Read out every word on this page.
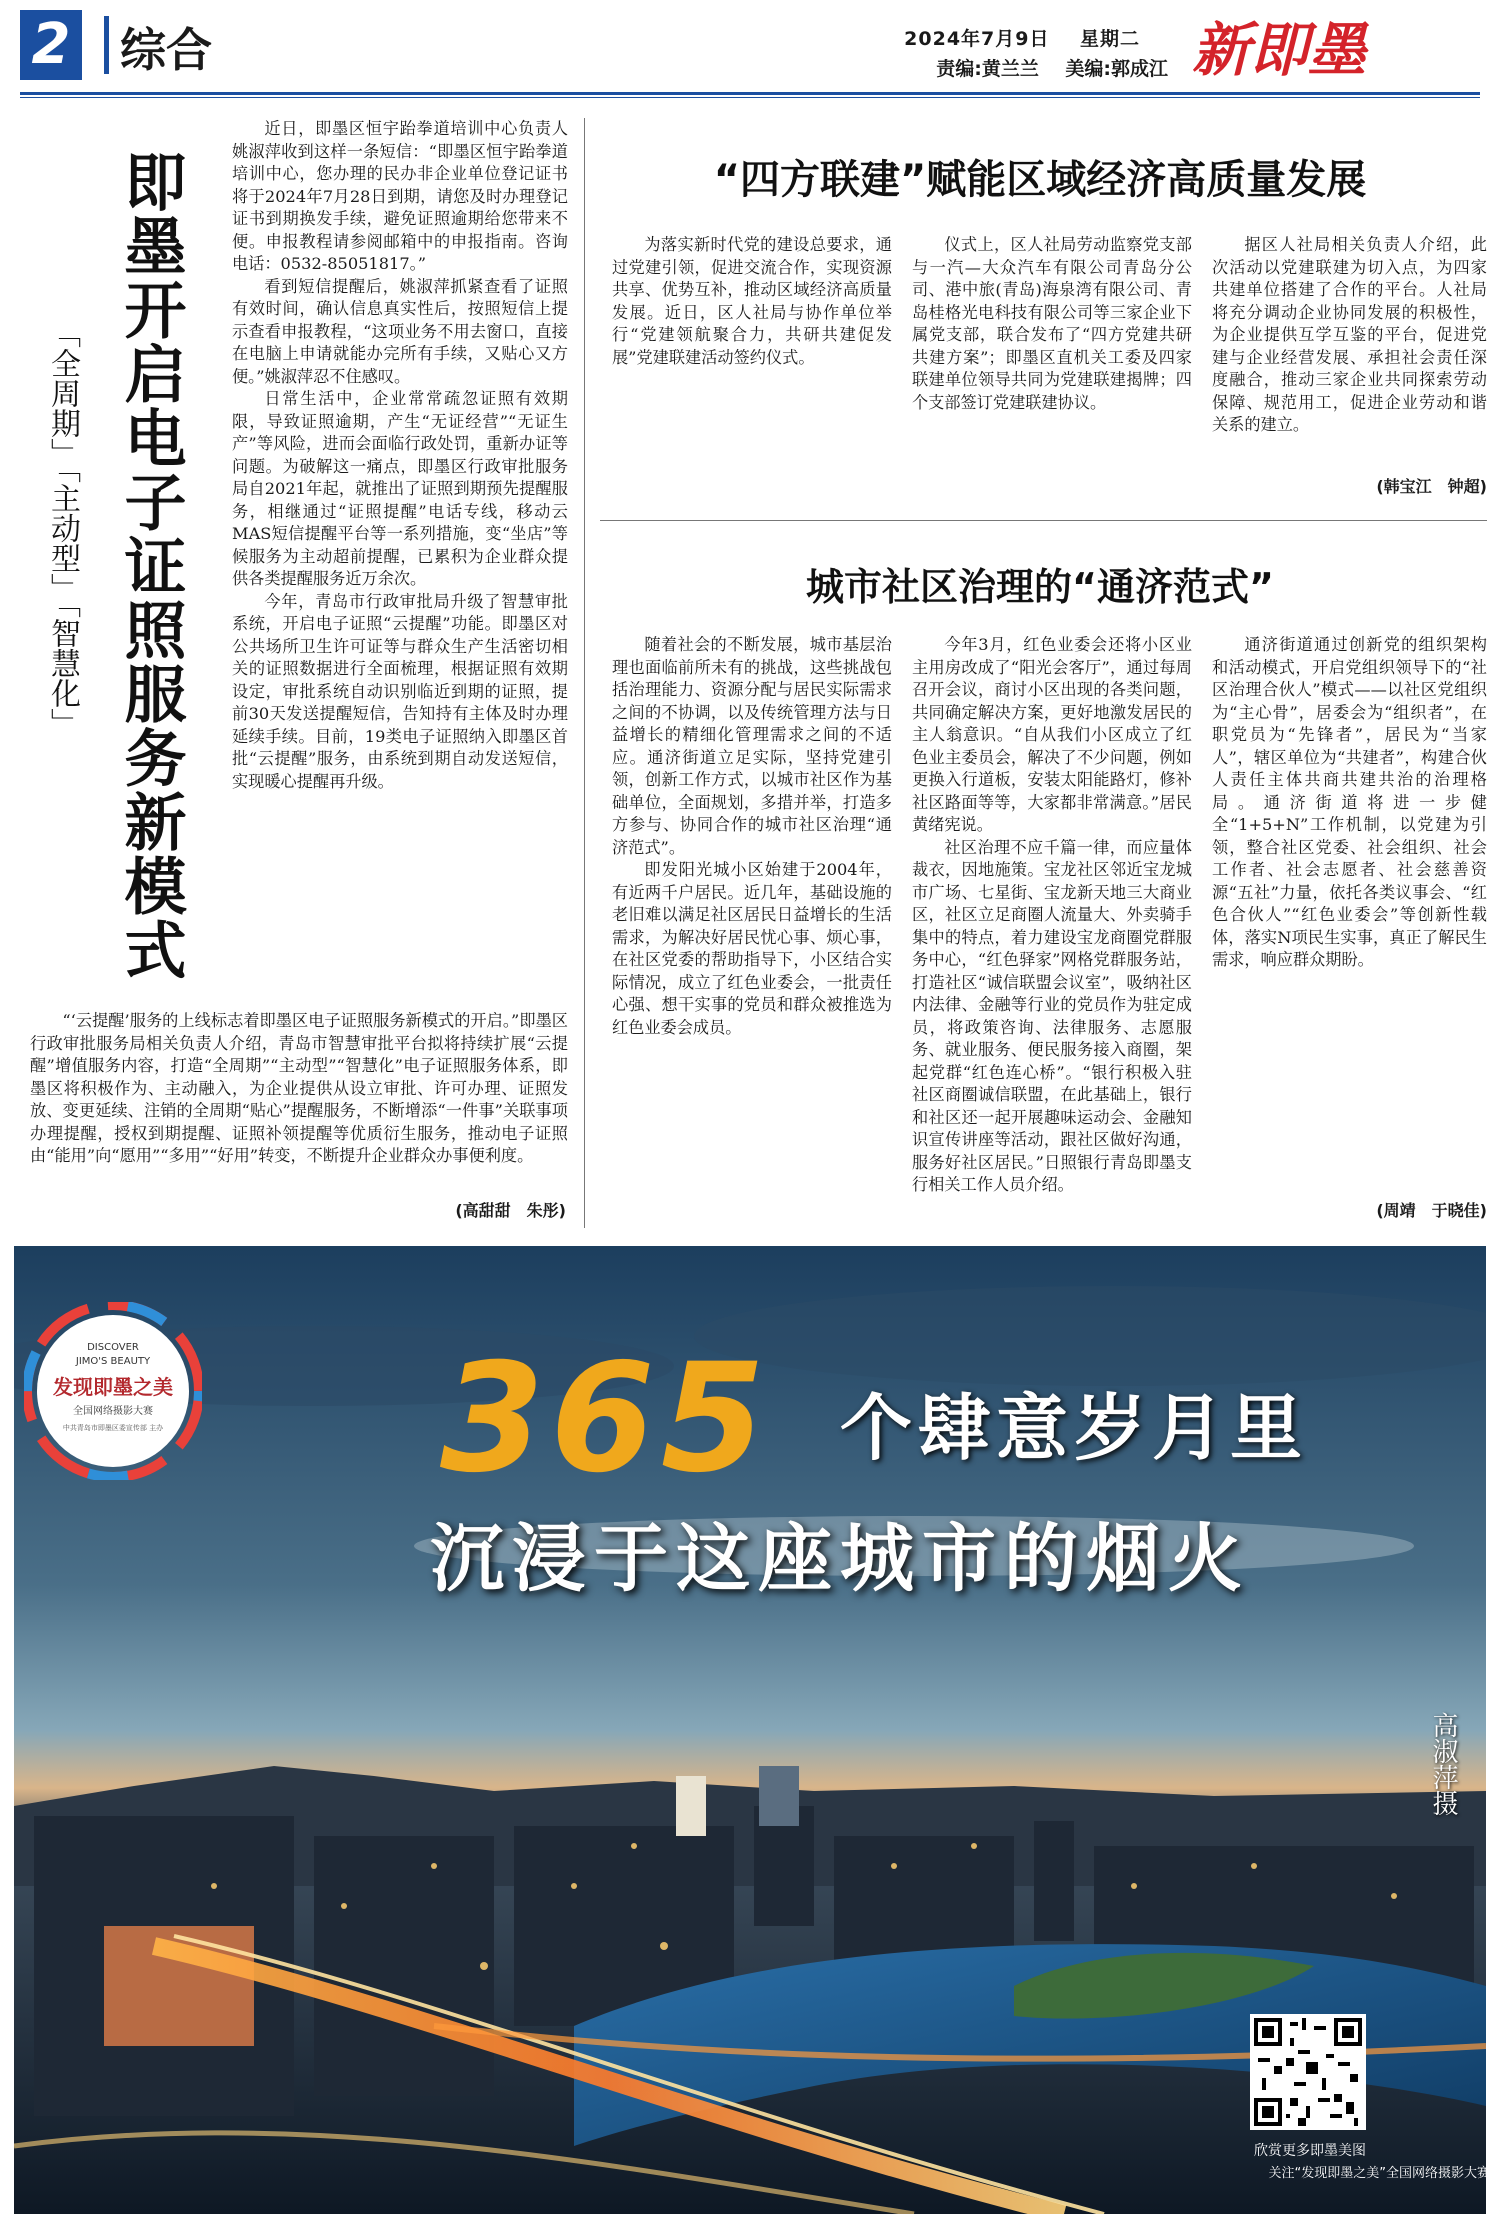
2 综合	2024年7月9日 星期二
责编:黄兰兰 美编:郭成江 新即墨
即墨开启电子证照服务新模式
「全周期」「主动型」「智慧化」

近日，即墨区恒宇跆拳道培训中心负责人姚淑萍收到这样一条短信：“即墨区恒宇跆拳道培训中心，您办理的民办非企业单位登记证书将于2024年7月28日到期，请您及时办理登记证书到期换发手续，避免证照逾期给您带来不便。申报教程请参阅邮箱中的申报指南。咨询电话：0532-85051817。”

看到短信提醒后，姚淑萍抓紧查看了证照有效时间，确认信息真实性后，按照短信上提示查看申报教程，“这项业务不用去窗口，直接在电脑上申请就能办完所有手续，又贴心又方便。”姚淑萍忍不住感叹。

日常生活中，企业常常疏忽证照有效期限，导致证照逾期，产生“无证经营”“无证生产”等风险，进而会面临行政处罚，重新办证等问题。为破解这一痛点，即墨区行政审批服务局自2021年起，就推出了证照到期预先提醒服务，相继通过“证照提醒”电话专线，移动云MAS短信提醒平台等一系列措施，变“坐店”等候服务为主动超前提醒，已累积为企业群众提供各类提醒服务近万余次。

今年，青岛市行政审批局升级了智慧审批系统，开启电子证照“云提醒”功能。即墨区对公共场所卫生许可证等与群众生产生活密切相关的证照数据进行全面梳理，根据证照有效期设定，审批系统自动识别临近到期的证照，提前30天发送提醒短信，告知持有主体及时办理延续手续。目前，19类电子证照纳入即墨区首批“云提醒”服务，由系统到期自动发送短信，实现暖心提醒再升级。

“‘云提醒’服务的上线标志着即墨区电子证照服务新模式的开启。”即墨区行政审批服务局相关负责人介绍，青岛市智慧审批平台拟将持续扩展“云提醒”增值服务内容，打造“全周期”“主动型”“智慧化”电子证照服务体系，即墨区将积极作为、主动融入，为企业提供从设立审批、许可办理、证照发放、变更延续、注销的全周期“贴心”提醒服务，不断增添“一件事”关联事项办理提醒，授权到期提醒、证照补领提醒等优质衍生服务，推动电子证照由“能用”向“愿用”“多用”“好用”转变，不断提升企业群众办事便利度。

(高甜甜　朱彤)
“四方联建”赋能区域经济高质量发展

为落实新时代党的建设总要求，通过党建引领，促进交流合作，实现资源共享、优势互补，推动区域经济高质量发展。近日，区人社局与协作单位举行“党建领航聚合力，共研共建促发展”党建联建活动签约仪式。

仪式上，区人社局劳动监察党支部与一汽—大众汽车有限公司青岛分公司、港中旅(青岛)海泉湾有限公司、青岛桂格光电科技有限公司等三家企业下属党支部，联合发布了“四方党建共研共建方案”；即墨区直机关工委及四家联建单位领导共同为党建联建揭牌；四个支部签订党建联建协议。

据区人社局相关负责人介绍，此次活动以党建联建为切入点，为四家共建单位搭建了合作的平台。人社局将充分调动企业协同发展的积极性，为企业提供互学互鉴的平台，促进党建与企业经营发展、承担社会责任深度融合，推动三家企业共同探索劳动保障、规范用工，促进企业劳动和谐关系的建立。

(韩宝江　钟超)
城市社区治理的“通济范式”

随着社会的不断发展，城市基层治理也面临前所未有的挑战，这些挑战包括治理能力、资源分配与居民实际需求之间的不协调，以及传统管理方法与日益增长的精细化管理需求之间的不适应。通济街道立足实际，坚持党建引领，创新工作方式，以城市社区作为基础单位，全面规划，多措并举，打造多方参与、协同合作的城市社区治理“通济范式”。

即发阳光城小区始建于2004年，有近两千户居民。近几年，基础设施的老旧难以满足社区居民日益增长的生活需求，为解决好居民忧心事、烦心事，在社区党委的帮助指导下，小区结合实际情况，成立了红色业委会，一批责任心强、想干实事的党员和群众被推选为红色业委会成员。

今年3月，红色业委会还将小区业主用房改成了“阳光会客厅”，通过每周召开会议，商讨小区出现的各类问题，共同确定解决方案，更好地激发居民的主人翁意识。“自从我们小区成立了红色业主委员会，解决了不少问题，例如更换入行道板，安装太阳能路灯，修补社区路面等等，大家都非常满意。”居民黄绪宪说。

社区治理不应千篇一律，而应量体裁衣，因地施策。宝龙社区邻近宝龙城市广场、七星街、宝龙新天地三大商业区，社区立足商圈人流量大、外卖骑手集中的特点，着力建设宝龙商圈党群服务中心，“红色驿家”网格党群服务站，打造社区“诚信联盟会议室”，吸纳社区内法律、金融等行业的党员作为驻定成员，将政策咨询、法律服务、志愿服务、就业服务、便民服务接入商圈，架起党群“红色连心桥”。“银行积极入驻社区商圈诚信联盟，在此基础上，银行和社区还一起开展趣味运动会、金融知识宣传讲座等活动，跟社区做好沟通，服务好社区居民。”日照银行青岛即墨支行相关工作人员介绍。

通济街道通过创新党的组织架构和活动模式，开启党组织领导下的“社区治理合伙人”模式——以社区党组织为“主心骨”，居委会为“组织者”，在职党员为“先锋者”，居民为“当家人”，辖区单位为“共建者”，构建合伙人责任主体共商共建共治的治理格局。通济街道将进一步健全“1+5+N”工作机制，以党建为引领，整合社区党委、社会组织、社会工作者、社会志愿者、社会慈善资源“五社”力量，依托各类议事会、“红色合伙人”“红色业委会”等创新性载体，落实N项民生实事，真正了解民生需求，响应群众期盼。

(周靖　于晓佳)
365 个肆意岁月里
沉浸于这座城市的烟火
高淑萍摄
DISCOVER
JIMO'S BEAUTY
发现即墨之美
全国网络摄影大赛
中共青岛市即墨区委宣传部 主办
欣赏更多即墨美图
关注“发现即墨之美”全国网络摄影大赛
